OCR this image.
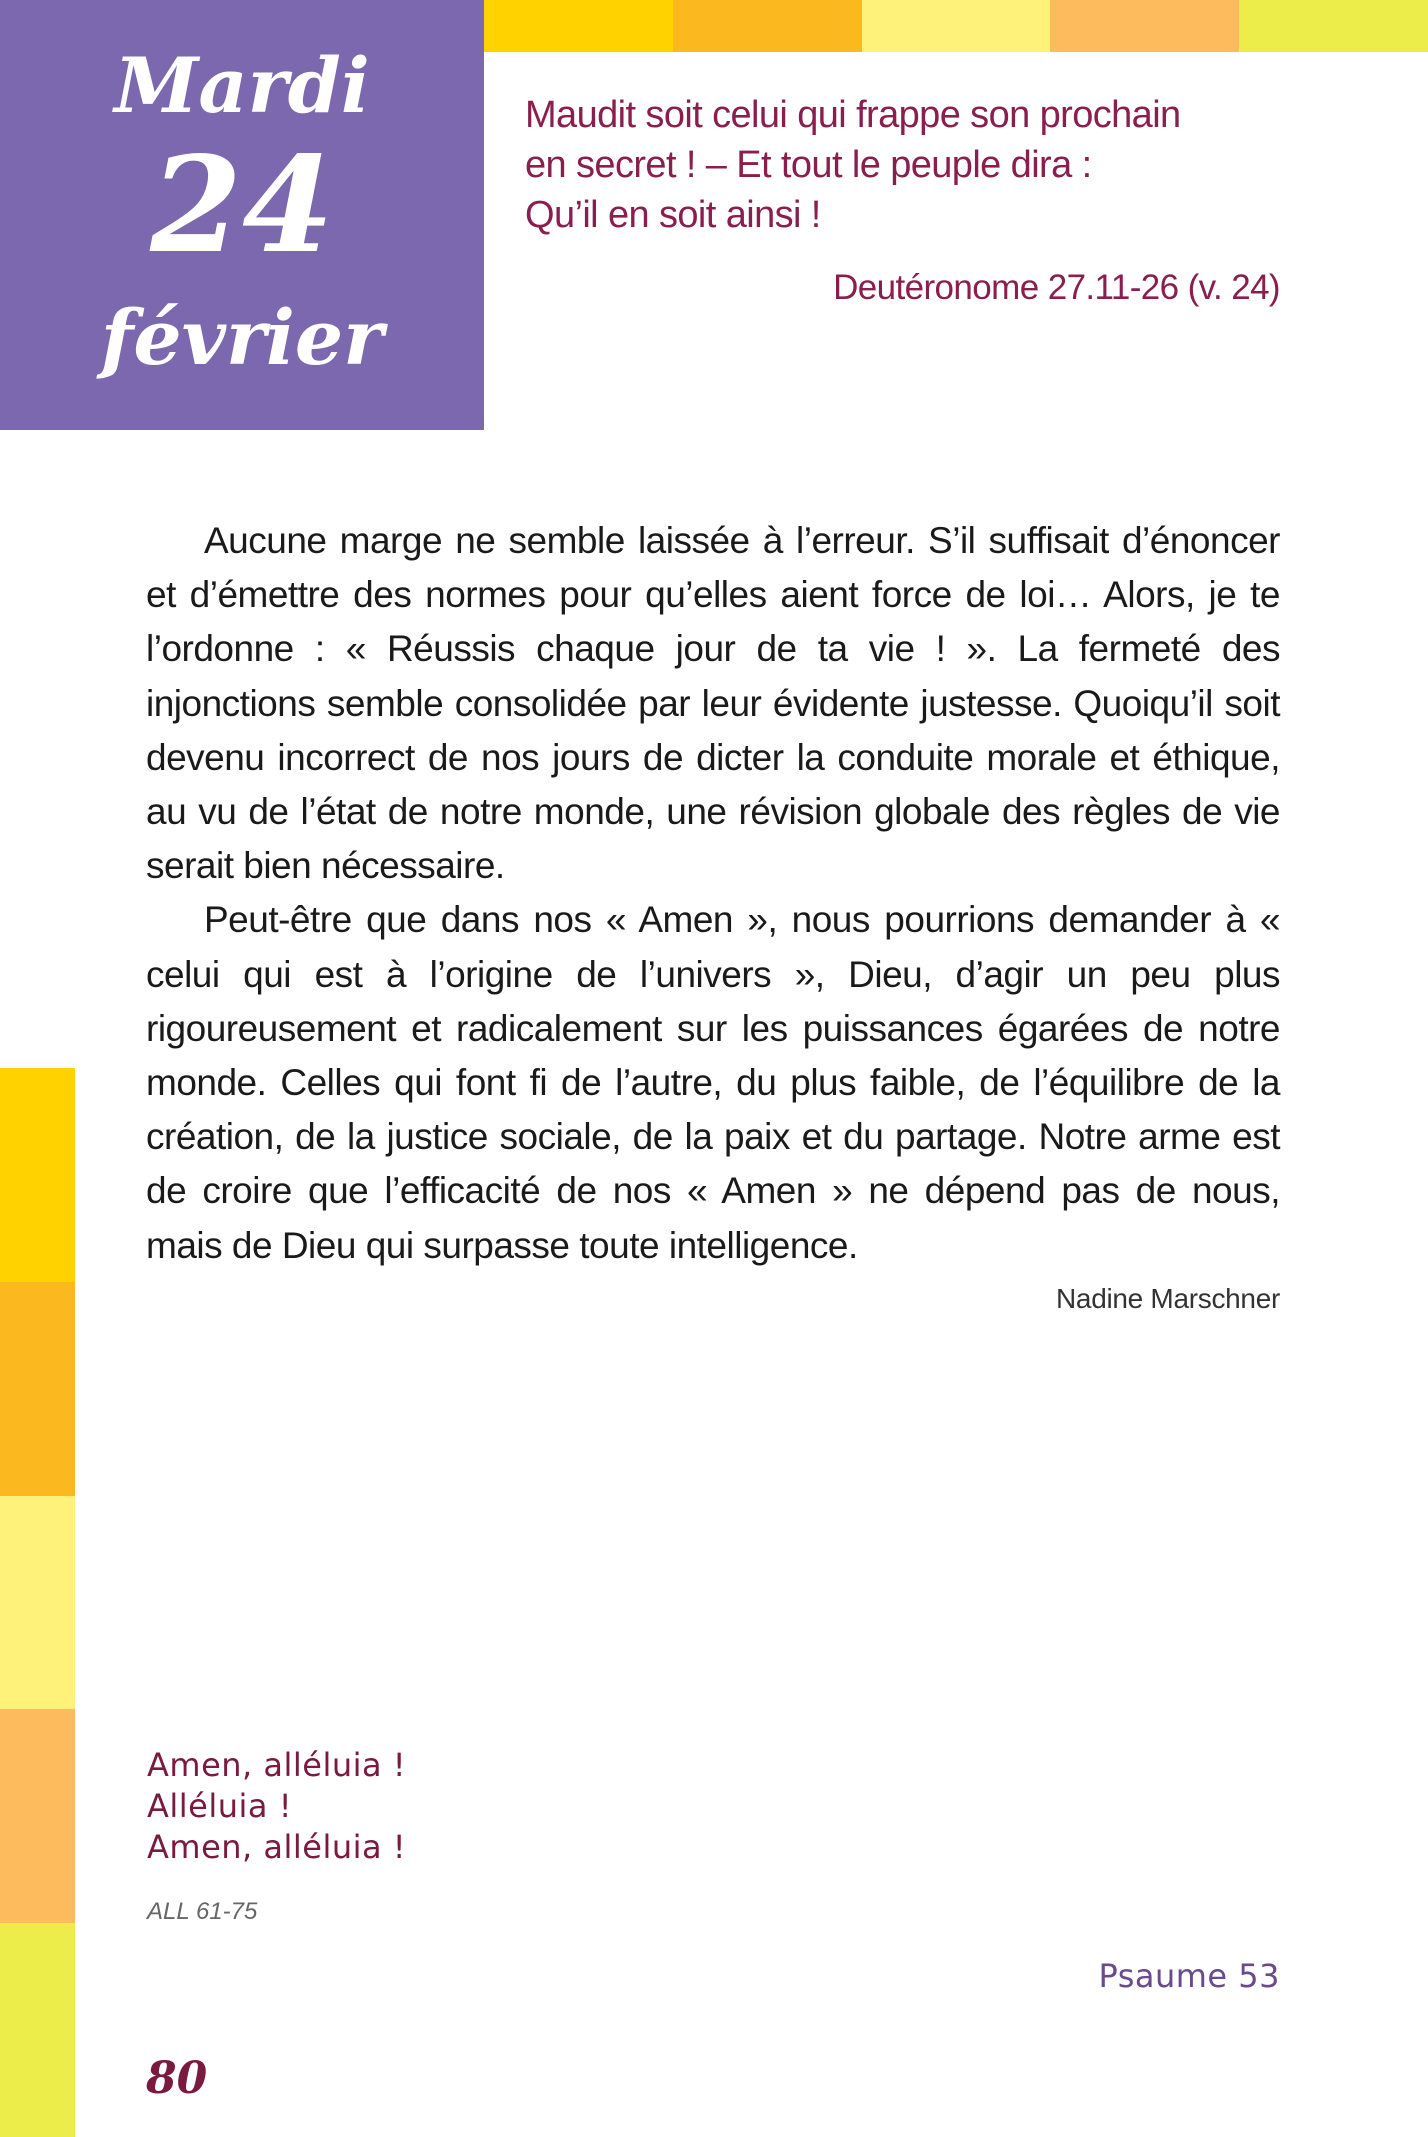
Mardi
24
février
Maudit soit celui qui frappe son prochain
en secret ! – Et tout le peuple dira :
Qu’il en soit ainsi !
Deutéronome 27.11-26 (v. 24)

Aucune marge ne semble laissée à l’erreur. S’il suffisait d’énoncer et d’émettre des normes pour qu’elles aient force de loi… Alors, je te l’ordonne : « Réussis chaque jour de ta vie ! ». La fermeté des injonctions semble consolidée par leur évidente justesse. Quoiqu’il soit devenu incorrect de nos jours de dicter la conduite morale et éthique, au vu de l’état de notre monde, une révision globale des règles de vie serait bien nécessaire.

Peut-être que dans nos « Amen », nous pourrions demander à « celui qui est à l’origine de l’univers », Dieu, d’agir un peu plus rigoureusement et radicalement sur les puissances égarées de notre monde. Celles qui font fi de l’autre, du plus faible, de l’équilibre de la création, de la justice sociale, de la paix et du partage. Notre arme est de croire que l’efficacité de nos « Amen » ne dépend pas de nous, mais de Dieu qui surpasse toute intelligence.

Nadine Marschner
Amen, alléluia !
Alléluia !
Amen, alléluia !
ALL 61-75
Psaume 53
80
